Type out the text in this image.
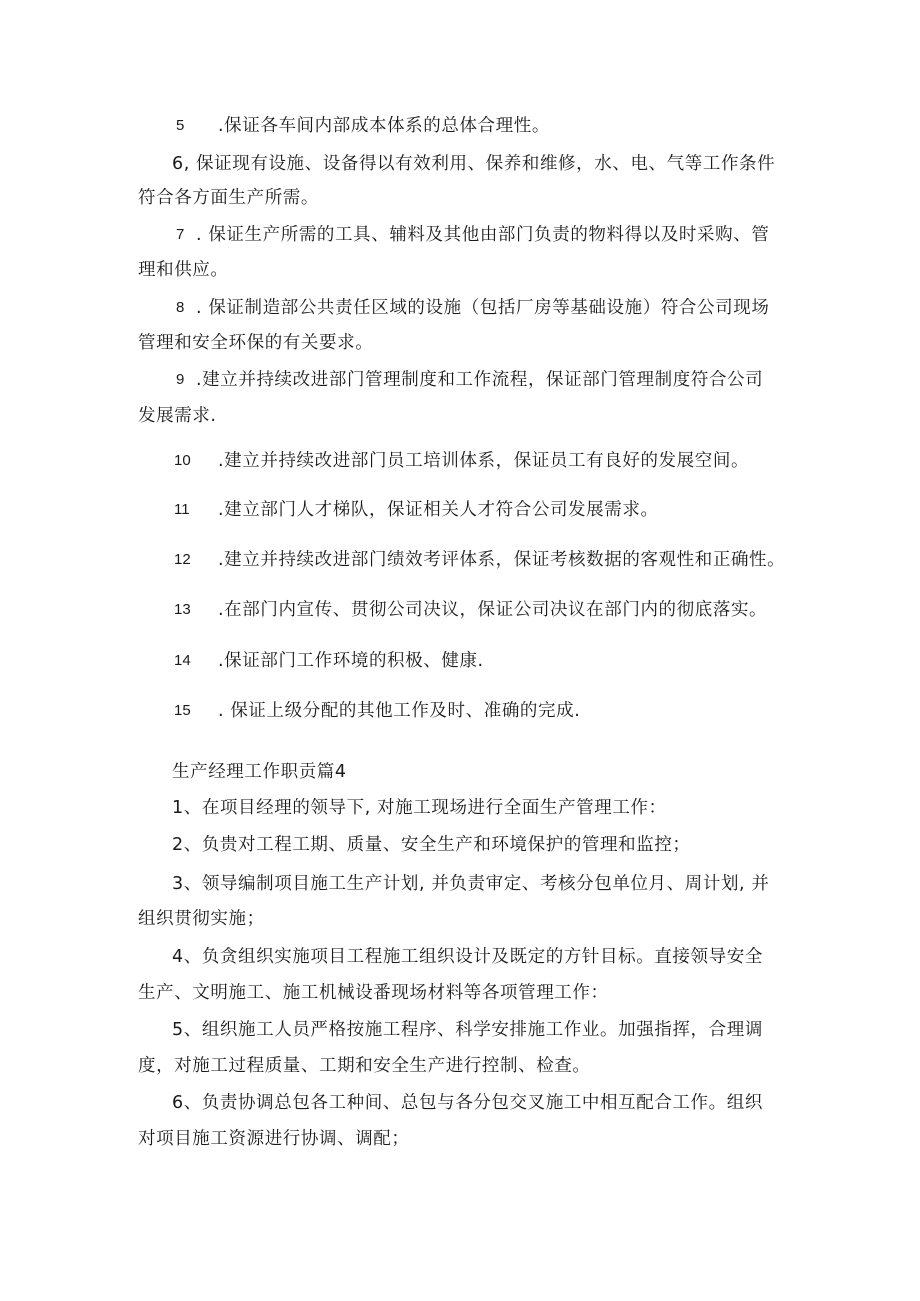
5 .保证各车间内部成本体系的总体合理性。
6, 保证现有设施、设备得以有效利用、保养和维修，水、电、气等工作条件
符合各方面生产所需。
7 . 保证生产所需的工具、辅料及其他由部门负责的物料得以及时采购、管
理和供应。
8 . 保证制造部公共责任区域的设施（包括厂房等基础设施）符合公司现场
管理和安全环保的有关要求。
9 .建立并持续改进部门管理制度和工作流程，保证部门管理制度符合公司
发展需求.
10 .建立并持续改进部门员工培训体系，保证员工有良好的发展空间。
11 .建立部门人才梯队，保证相关人才符合公司发展需求。
12 .建立并持续改进部门绩效考评体系，保证考核数据的客观性和正确性。
13 .在部门内宣传、贯彻公司决议，保证公司决议在部门内的彻底落实。
14 .保证部门工作环境的积极、健康.
15 . 保证上级分配的其他工作及时、准确的完成.
生产经理工作职贡篇4
1、在项目经理的领导下, 对施工现场进行全面生产管理工作：
2、负贵对工程工期、质量、安全生产和环境保护的管理和监控；
3、领导编制项目施工生产计划, 并负责审定、考核分包单位月、周计划, 并
组织贯彻实施；
4、负贪组织实施项目工程施工组织设计及既定的方针目标。直接领导安全
生产、文明施工、施工机械设番现场材料等各项管理工作：
5、组织施工人员严格按施工程序、科学安排施工作业。加强指挥，合理调
度，对施工过程质量、工期和安全生产进行控制、检查。
6、负责协调总包各工种间、总包与各分包交叉施工中相互配合工作。组织
对项目施工资源进行协调、调配；
